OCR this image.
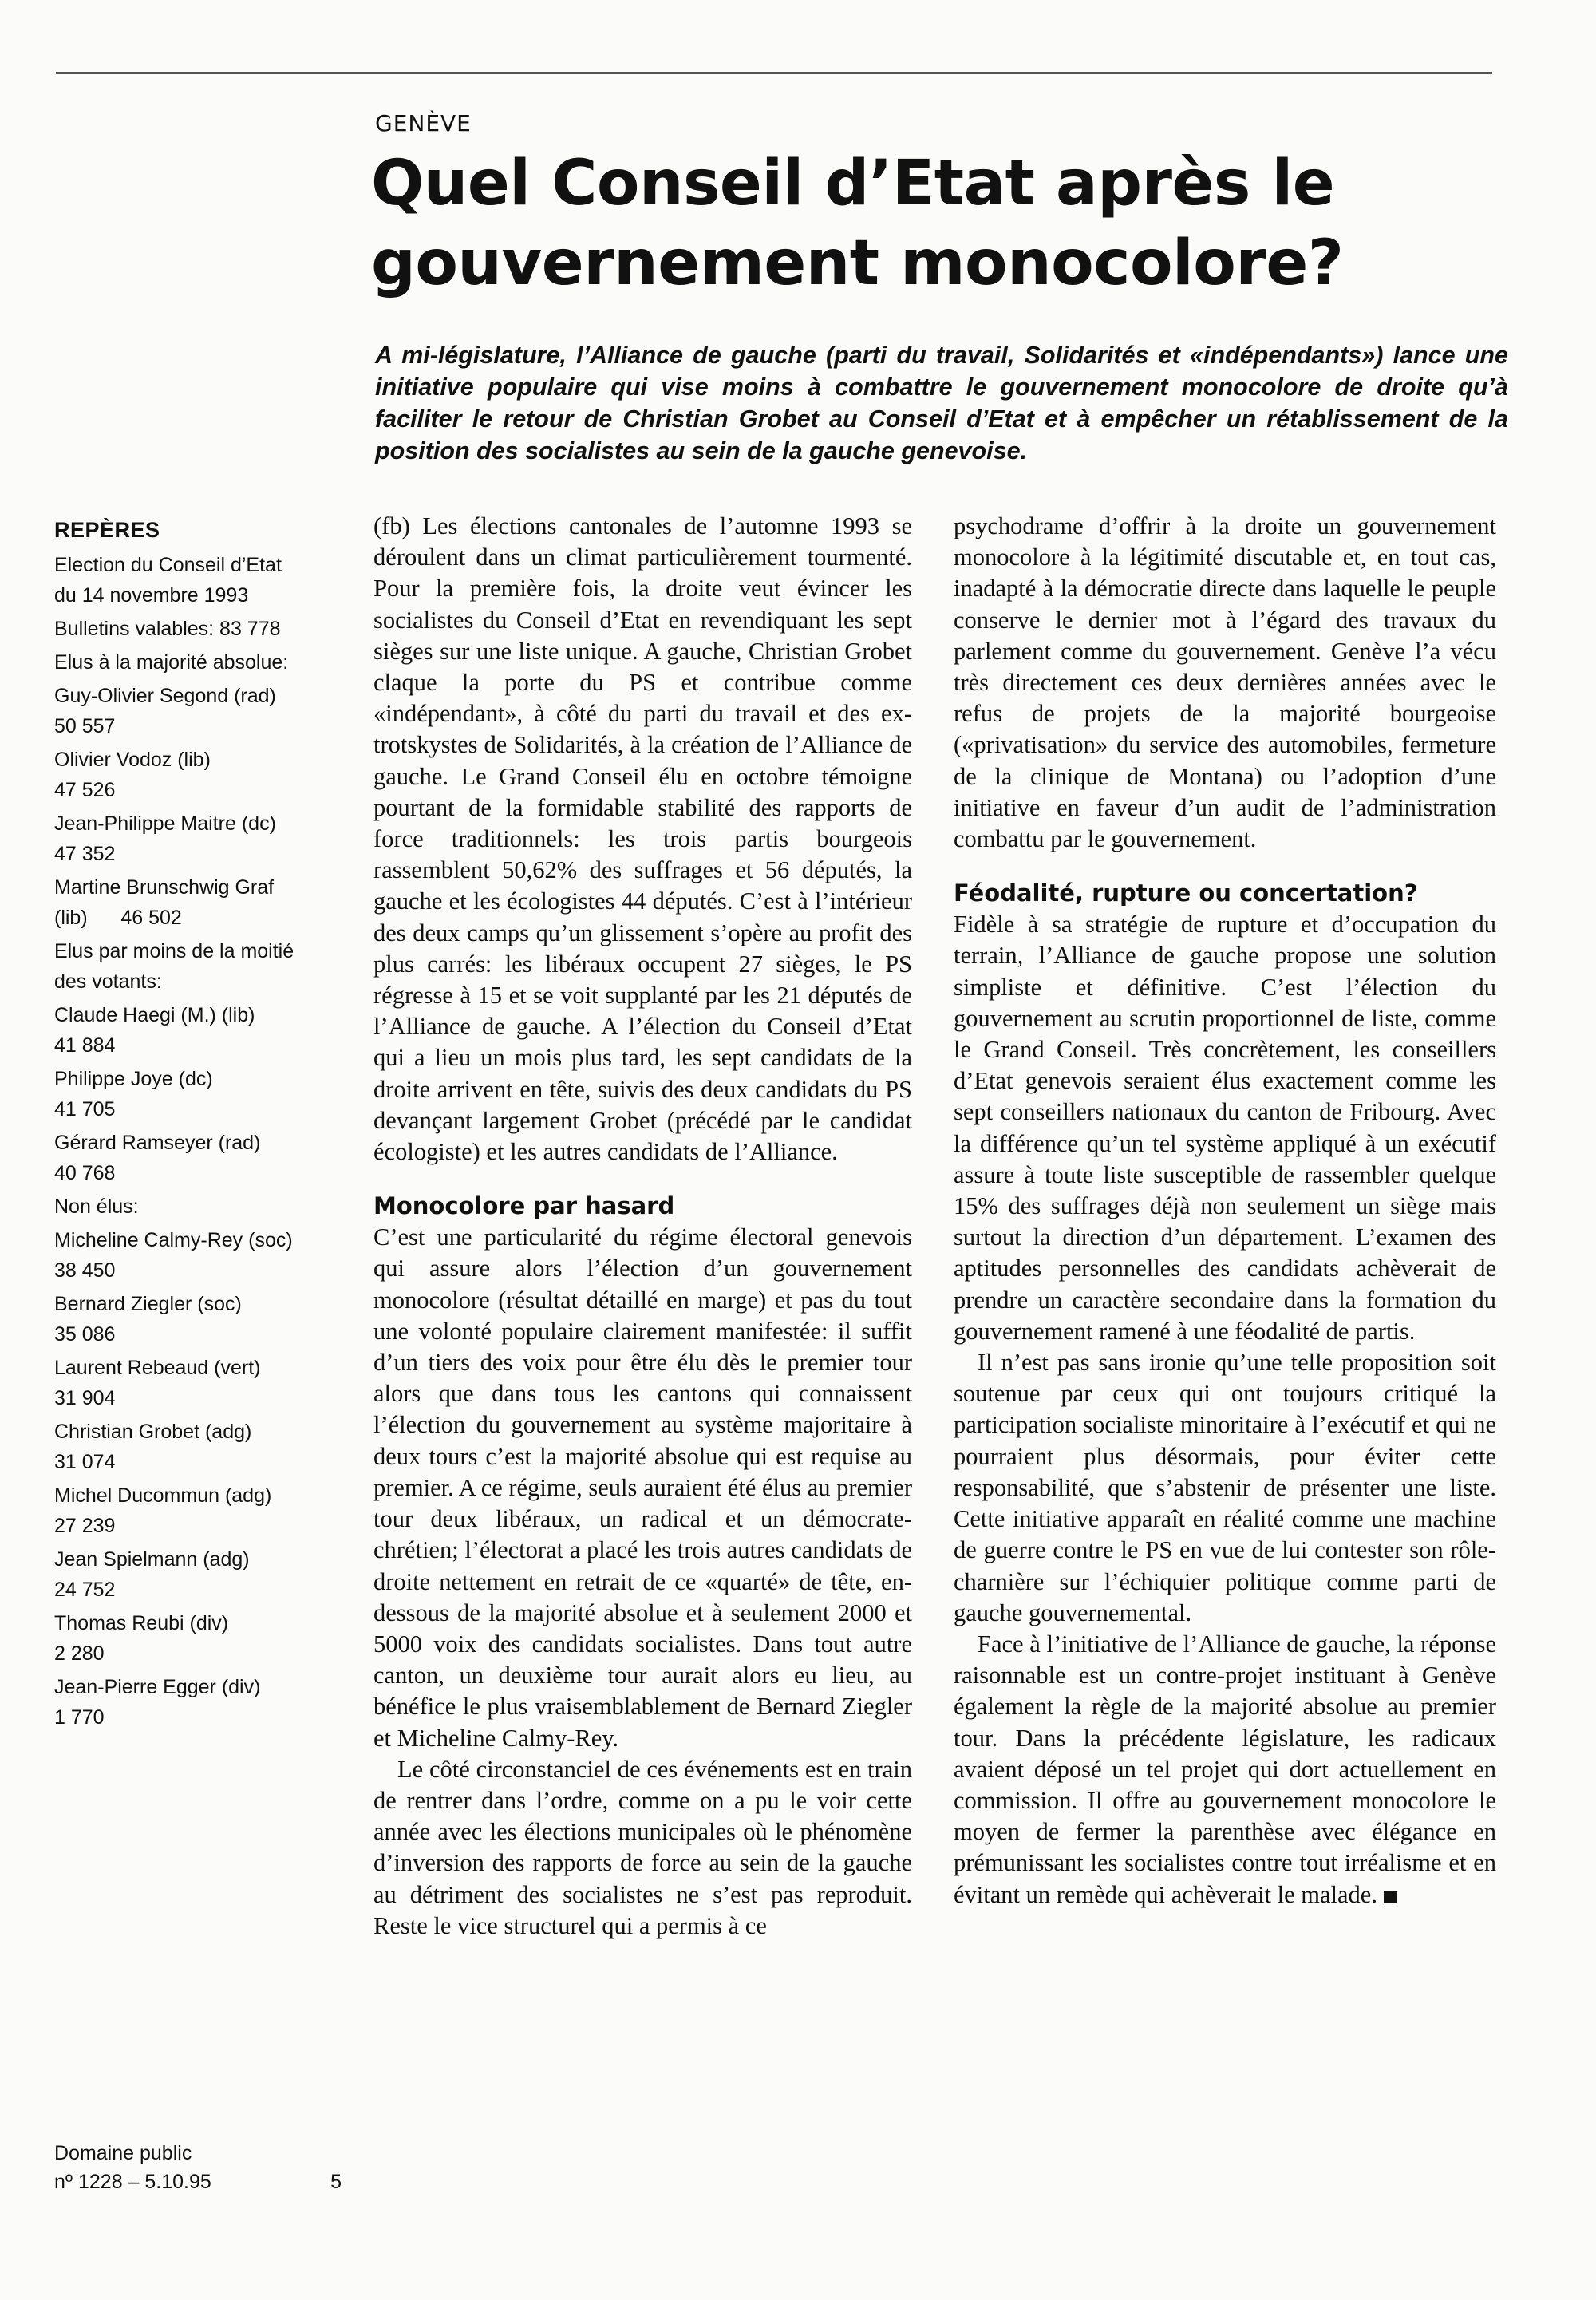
GENÈVE
Quel Conseil d’Etat après le gouvernement monocolore?

A mi-législature, l’Alliance de gauche (parti du travail, Solidarités et «indépendants») lance une initiative populaire qui vise moins à combattre le gouvernement monocolore de droite qu’à faciliter le retour de Christian Grobet au Conseil d’Etat et à empêcher un rétablissement de la position des socialistes au sein de la gauche genevoise.

REPÈRES
Election du Conseil d’Etat
du 14 novembre 1993
Bulletins valables: 83 778
Elus à la majorité absolue:
Guy-Olivier Segond (rad)
50 557
Olivier Vodoz (lib)
47 526
Jean-Philippe Maitre (dc)
47 352
Martine Brunschwig Graf
(lib)      46 502
Elus par moins de la moitié
des votants:
Claude Haegi (M.) (lib)
41 884
Philippe Joye (dc)
41 705
Gérard Ramseyer (rad)
40 768
Non élus:
Micheline Calmy-Rey (soc)
38 450
Bernard Ziegler (soc)
35 086
Laurent Rebeaud (vert)
31 904
Christian Grobet (adg)
31 074
Michel Ducommun (adg)
27 239
Jean Spielmann (adg)
24 752
Thomas Reubi (div)
2 280
Jean-Pierre Egger (div)
1 770

(fb) Les élections cantonales de l’automne 1993 se déroulent dans un climat particulièrement tourmenté. Pour la première fois, la droite veut évincer les socialistes du Conseil d’Etat en revendiquant les sept sièges sur une liste unique. A gauche, Christian Grobet claque la porte du PS et contribue comme «indépendant», à côté du parti du travail et des ex-trotskystes de Solidarités, à la création de l’Alliance de gauche. Le Grand Conseil élu en octobre témoigne pourtant de la formidable stabilité des rapports de force traditionnels: les trois partis bourgeois rassemblent 50,62% des suffrages et 56 députés, la gauche et les écologistes 44 députés. C’est à l’intérieur des deux camps qu’un glissement s’opère au profit des plus carrés: les libéraux occupent 27 sièges, le PS régresse à 15 et se voit supplanté par les 21 députés de l’Alliance de gauche. A l’élection du Conseil d’Etat qui a lieu un mois plus tard, les sept candidats de la droite arrivent en tête, suivis des deux candidats du PS devançant largement Grobet (précédé par le candidat écologiste) et les autres candidats de l’Alliance.

Monocolore par hasard

C’est une particularité du régime électoral genevois qui assure alors l’élection d’un gouvernement monocolore (résultat détaillé en marge) et pas du tout une volonté populaire clairement manifestée: il suffit d’un tiers des voix pour être élu dès le premier tour alors que dans tous les cantons qui connaissent l’élection du gouvernement au système majoritaire à deux tours c’est la majorité absolue qui est requise au premier. A ce régime, seuls auraient été élus au premier tour deux libéraux, un radical et un démocrate-chrétien; l’électorat a placé les trois autres candidats de droite nettement en retrait de ce «quarté» de tête, en-dessous de la majorité absolue et à seulement 2000 et 5000 voix des candidats socialistes. Dans tout autre canton, un deuxième tour aurait alors eu lieu, au bénéfice le plus vraisemblablement de Bernard Ziegler et Micheline Calmy-Rey.

Le côté circonstanciel de ces événements est en train de rentrer dans l’ordre, comme on a pu le voir cette année avec les élections municipales où le phénomène d’inversion des rapports de force au sein de la gauche au détriment des socialistes ne s’est pas reproduit. Reste le vice structurel qui a permis à ce

psychodrame d’offrir à la droite un gouvernement monocolore à la légitimité discutable et, en tout cas, inadapté à la démocratie directe dans laquelle le peuple conserve le dernier mot à l’égard des travaux du parlement comme du gouvernement. Genève l’a vécu très directement ces deux dernières années avec le refus de projets de la majorité bourgeoise («privatisation» du service des automobiles, fermeture de la clinique de Montana) ou l’adoption d’une initiative en faveur d’un audit de l’administration combattu par le gouvernement.

Féodalité, rupture ou concertation?

Fidèle à sa stratégie de rupture et d’occupation du terrain, l’Alliance de gauche propose une solution simpliste et définitive. C’est l’élection du gouvernement au scrutin proportionnel de liste, comme le Grand Conseil. Très concrètement, les conseillers d’Etat genevois seraient élus exactement comme les sept conseillers nationaux du canton de Fribourg. Avec la différence qu’un tel système appliqué à un exécutif assure à toute liste susceptible de rassembler quelque 15% des suffrages déjà non seulement un siège mais surtout la direction d’un département. L’examen des aptitudes personnelles des candidats achèverait de prendre un caractère secondaire dans la formation du gouvernement ramené à une féodalité de partis.

Il n’est pas sans ironie qu’une telle proposition soit soutenue par ceux qui ont toujours critiqué la participation socialiste minoritaire à l’exécutif et qui ne pourraient plus désormais, pour éviter cette responsabilité, que s’abstenir de présenter une liste. Cette initiative apparaît en réalité comme une machine de guerre contre le PS en vue de lui contester son rôle-charnière sur l’échiquier politique comme parti de gauche gouvernemental.

Face à l’initiative de l’Alliance de gauche, la réponse raisonnable est un contre-projet instituant à Genève également la règle de la majorité absolue au premier tour. Dans la précédente législature, les radicaux avaient déposé un tel projet qui dort actuellement en commission. Il offre au gouvernement monocolore le moyen de fermer la parenthèse avec élégance en prémunissant les socialistes contre tout irréalisme et en évitant un remède qui achèverait le malade.

Domaine public
nº 1228 – 5.10.95	5
